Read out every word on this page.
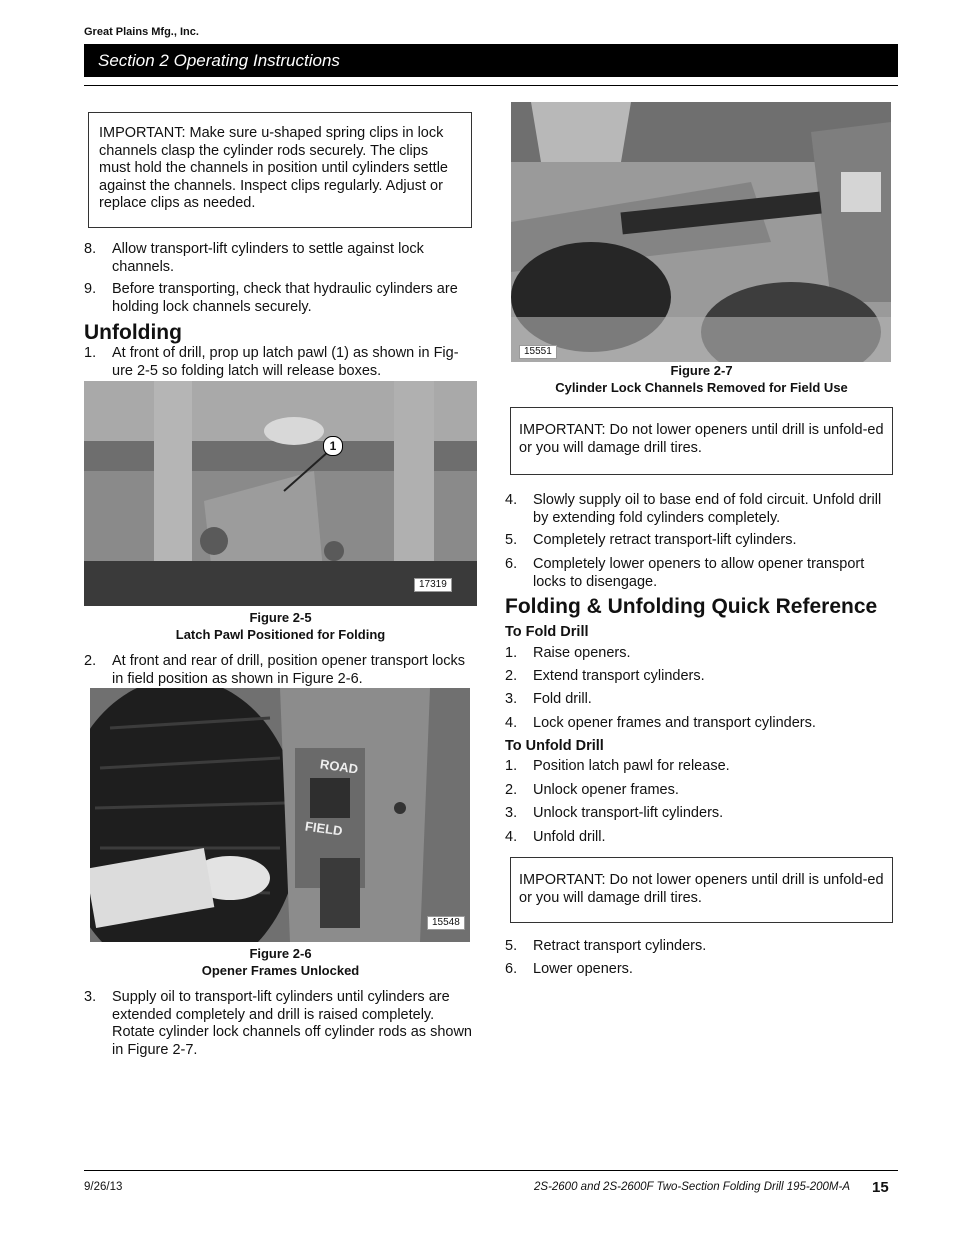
Great Plains Mfg., Inc.
Section 2 Operating Instructions
IMPORTANT: Make sure u-shaped spring clips in lock channels clasp the cylinder rods securely. The clips must hold the channels in position until cylinders settle against the channels. Inspect clips regularly. Adjust or replace clips as needed.
8. Allow transport-lift cylinders to settle against lock channels.
9. Before transporting, check that hydraulic cylinders are holding lock channels securely.
Unfolding
1. At front of drill, prop up latch pawl (1) as shown in Fig-ure 2-5 so folding latch will release boxes.
1
17319
Figure 2-5
Latch Pawl Positioned for Folding
2. At front and rear of drill, position opener transport locks in field position as shown in Figure 2-6.
ROAD
FIELD
15548
Figure 2-6
Opener Frames Unlocked
3. Supply oil to transport-lift cylinders until cylinders are extended completely and drill is raised completely. Rotate cylinder lock channels off cylinder rods as shown in Figure 2-7.
15551
Figure 2-7
Cylinder Lock Channels Removed for Field Use
IMPORTANT: Do not lower openers until drill is unfold-ed or you will damage drill tires.
4. Slowly supply oil to base end of fold circuit. Unfold drill by extending fold cylinders completely.
5. Completely retract transport-lift cylinders.
6. Completely lower openers to allow opener transport locks to disengage.
Folding & Unfolding Quick Reference
To Fold Drill
1. Raise openers.
2. Extend transport cylinders.
3. Fold drill.
4. Lock opener frames and transport cylinders.
To Unfold Drill
1. Position latch pawl for release.
2. Unlock opener frames.
3. Unlock transport-lift cylinders.
4. Unfold drill.
IMPORTANT: Do not lower openers until drill is unfold-ed or you will damage drill tires.
5. Retract transport cylinders.
6. Lower openers.
9/26/13	2S-2600 and 2S-2600F Two-Section Folding Drill 195-200M-A 15
